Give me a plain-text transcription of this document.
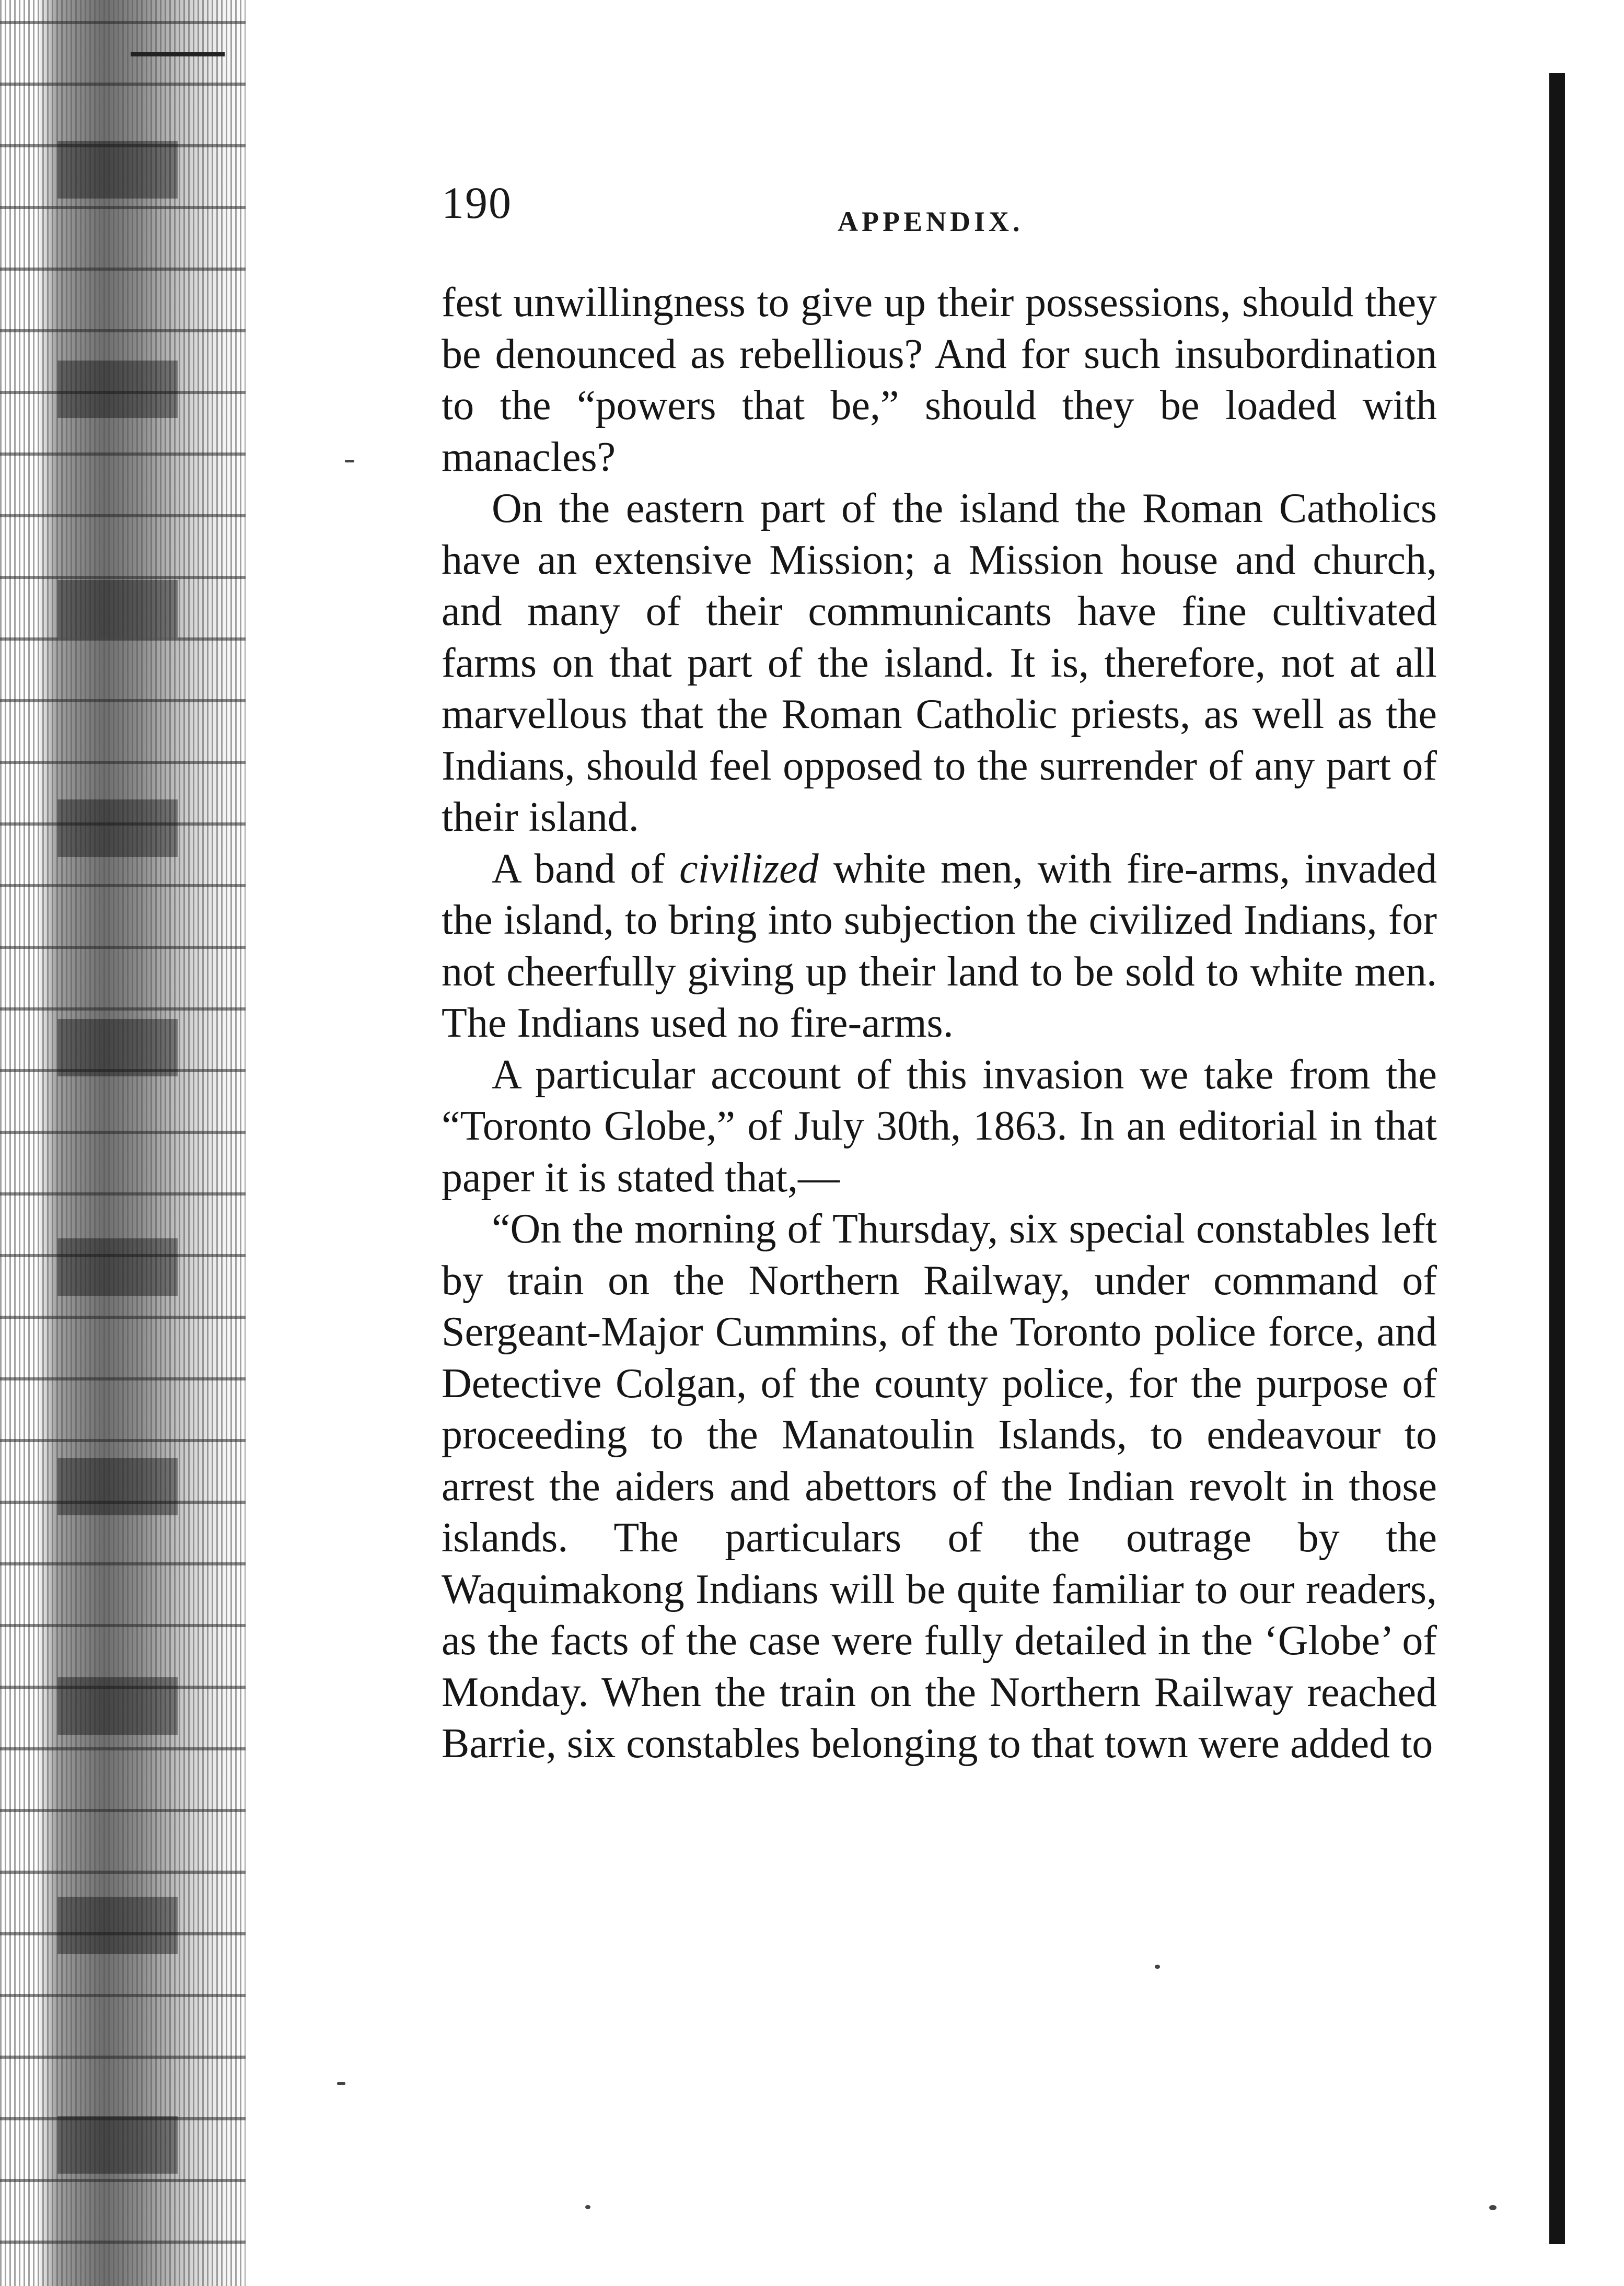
190	APPENDIX.

fest unwillingness to give up their possessions, should they be denounced as rebellious? And for such insubordination to the “powers that be,” should they be loaded with manacles?

On the eastern part of the island the Roman Catholics have an extensive Mission; a Mission house and church, and many of their communicants have fine cultivated farms on that part of the island. It is, therefore, not at all marvellous that the Roman Catholic priests, as well as the Indians, should feel opposed to the surrender of any part of their island.

A band of civilized white men, with fire-arms, invaded the island, to bring into subjection the civilized Indians, for not cheerfully giving up their land to be sold to white men. The Indians used no fire-arms.

A particular account of this invasion we take from the “Toronto Globe,” of July 30th, 1863. In an editorial in that paper it is stated that,—

“On the morning of Thursday, six special constables left by train on the Northern Railway, under command of Sergeant-Major Cummins, of the Toronto police force, and Detective Colgan, of the county police, for the purpose of proceeding to the Manatoulin Islands, to endeavour to arrest the aiders and abettors of the Indian revolt in those islands. The particulars of the outrage by the Waquimakong Indians will be quite familiar to our readers, as the facts of the case were fully detailed in the ‘Globe’ of Monday. When the train on the Northern Railway reached Barrie, six constables belonging to that town were added to
